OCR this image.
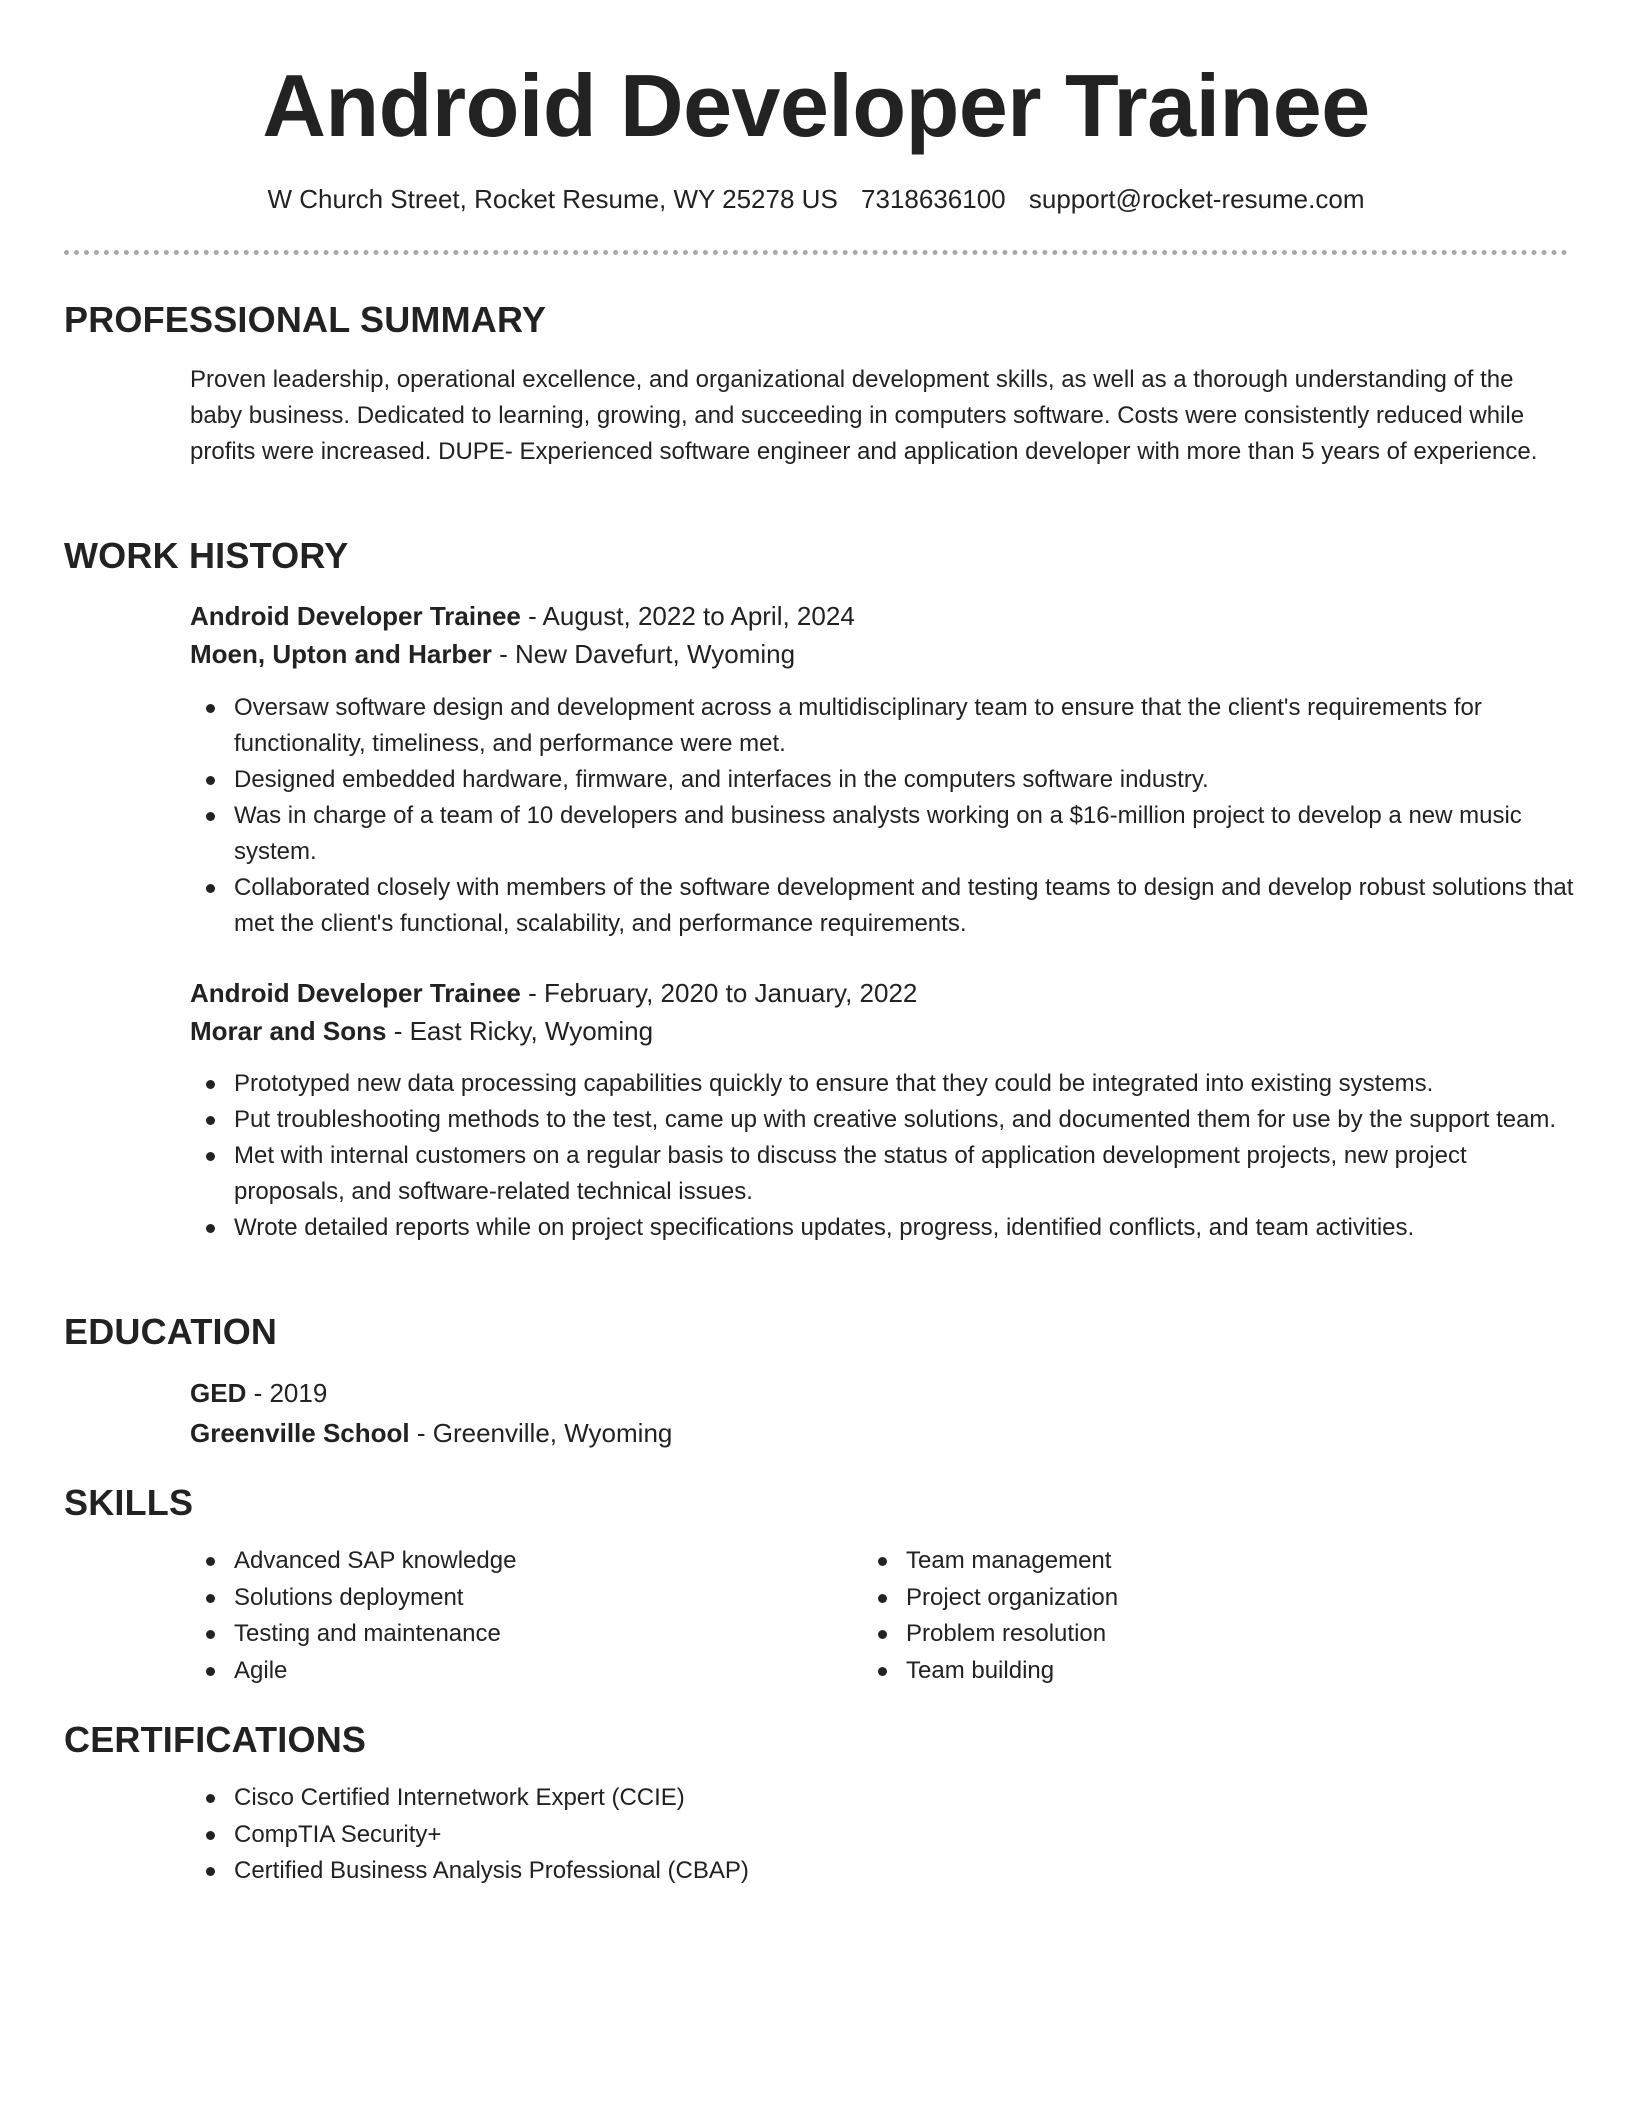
Android Developer Trainee
W Church Street, Rocket Resume, WY 25278 US 7318636100 support@rocket-resume.com
PROFESSIONAL SUMMARY

Proven leadership, operational excellence, and organizational development skills, as well as a thorough understanding of the baby business. Dedicated to learning, growing, and succeeding in computers software. Costs were consistently reduced while profits were increased. DUPE- Experienced software engineer and application developer with more than 5 years of experience.

WORK HISTORY
Android Developer Trainee - August, 2022 to April, 2024
Moen, Upton and Harber - New Davefurt, Wyoming
Oversaw software design and development across a multidisciplinary team to ensure that the client's requirements for functionality, timeliness, and performance were met.
Designed embedded hardware, firmware, and interfaces in the computers software industry.
Was in charge of a team of 10 developers and business analysts working on a $16-million project to develop a new music system.
Collaborated closely with members of the software development and testing teams to design and develop robust solutions that met the client's functional, scalability, and performance requirements.
Android Developer Trainee - February, 2020 to January, 2022
Morar and Sons - East Ricky, Wyoming
Prototyped new data processing capabilities quickly to ensure that they could be integrated into existing systems.
Put troubleshooting methods to the test, came up with creative solutions, and documented them for use by the support team.
Met with internal customers on a regular basis to discuss the status of application development projects, new project proposals, and software-related technical issues.
Wrote detailed reports while on project specifications updates, progress, identified conflicts, and team activities.
EDUCATION
GED - 2019
Greenville School - Greenville, Wyoming
SKILLS
Advanced SAP knowledge
Solutions deployment
Testing and maintenance
Agile
Team management
Project organization
Problem resolution
Team building
CERTIFICATIONS
Cisco Certified Internetwork Expert (CCIE)
CompTIA Security+
Certified Business Analysis Professional (CBAP)
